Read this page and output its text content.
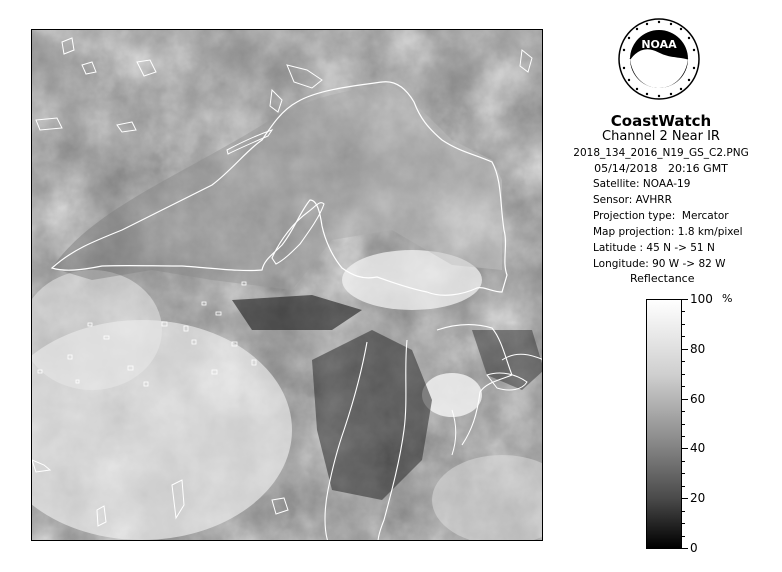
NOAA
CoastWatch
Channel 2 Near IR
2018_134_2016_N19_GS_C2.PNG
05/14/2018   20:16 GMT
Satellite: NOAA-19
Sensor: AVHRR
Projection type:  Mercator
Map projection: 1.8 km/pixel
Latitude : 45 N -> 51 N
Longitude: 90 W -> 82 W
Reflectance
%
100
80
60
40
20
0
